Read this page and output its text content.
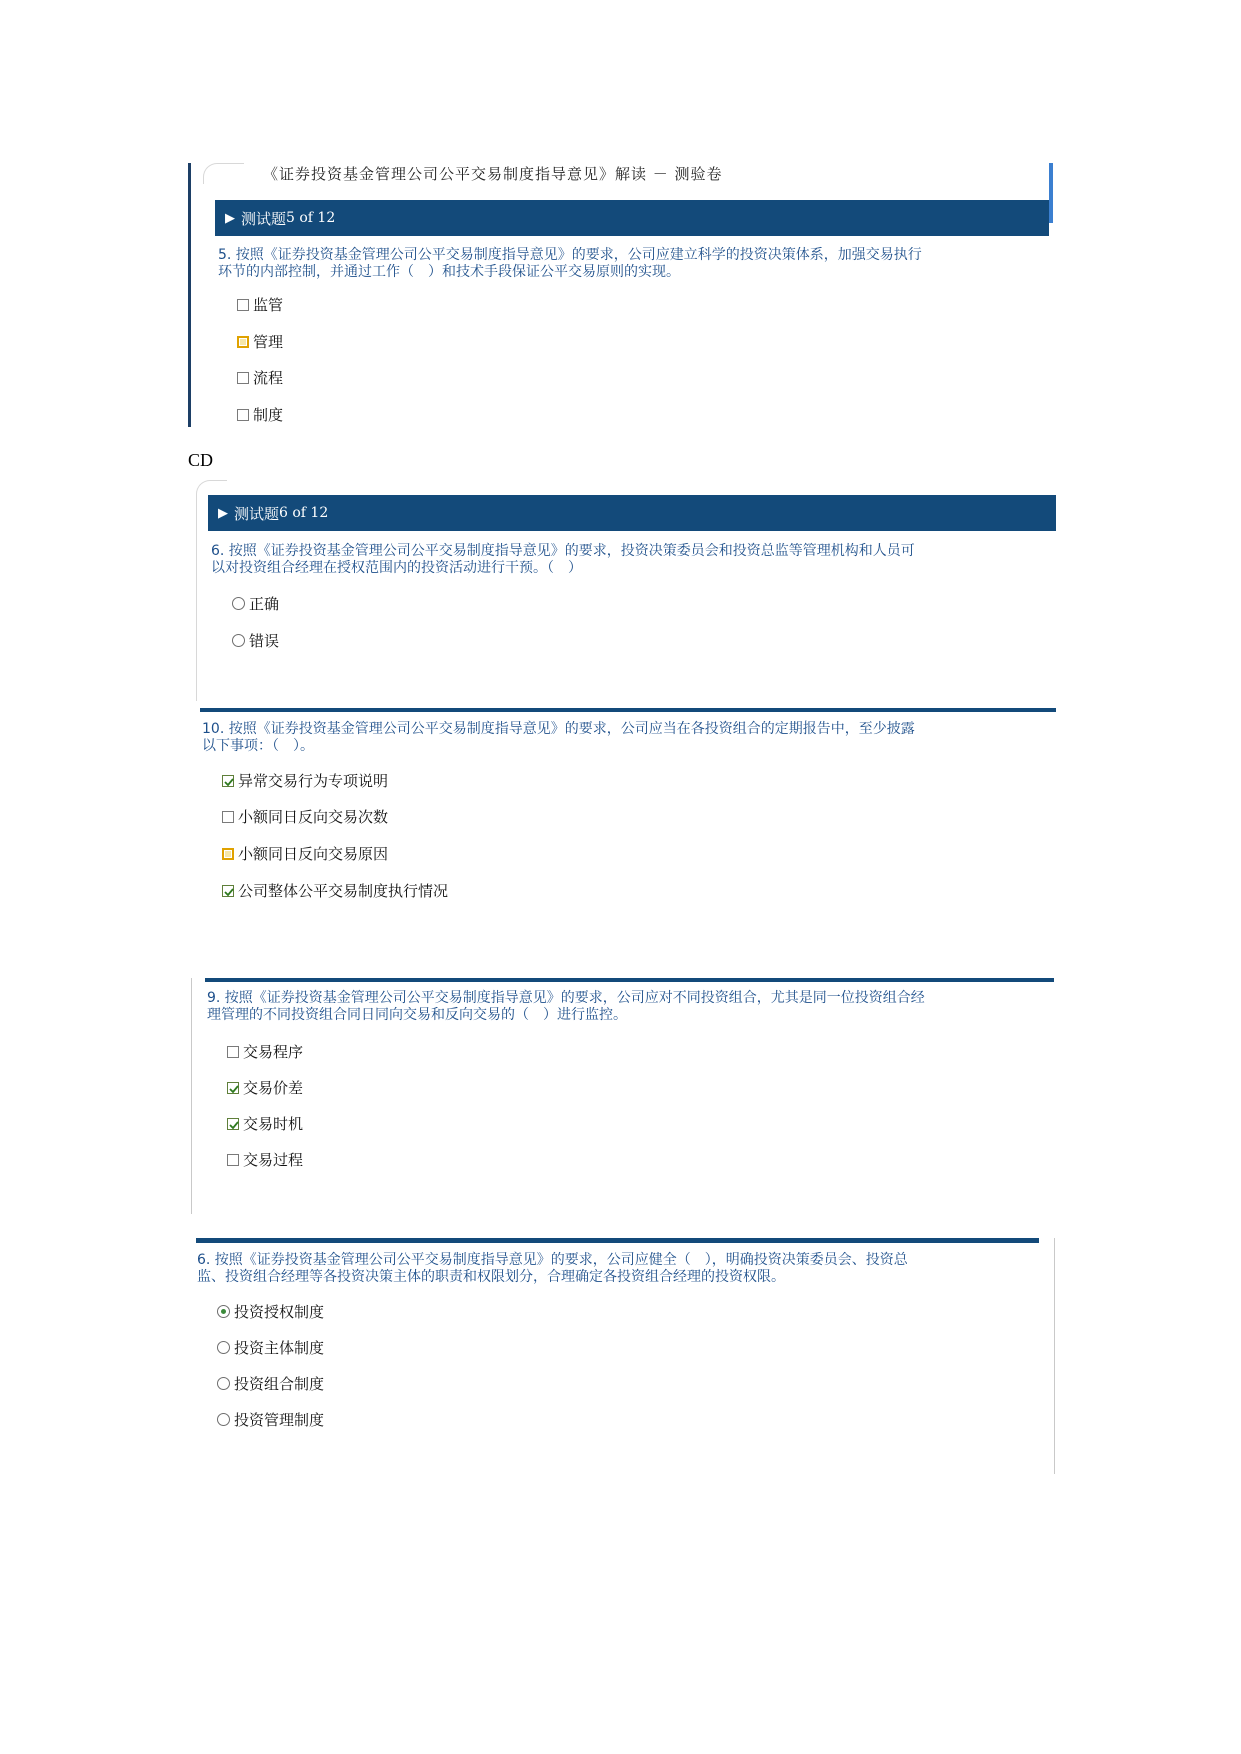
《证券投资基金管理公司公平交易制度指导意见》解读 － 测验卷
▶ 测试题 5 of 12
5. 按照《证券投资基金管理公司公平交易制度指导意见》的要求，公司应建立科学的投资决策体系，加强交易执行
环节的内部控制，并通过工作（　）和技术手段保证公平交易原则的实现。
监管
管理
流程
制度
CD
▶ 测试题 6 of 12
6. 按照《证券投资基金管理公司公平交易制度指导意见》的要求，投资决策委员会和投资总监等管理机构和人员可
以对投资组合经理在授权范围内的投资活动进行干预。（　）
正确
错误
10. 按照《证券投资基金管理公司公平交易制度指导意见》的要求，公司应当在各投资组合的定期报告中，至少披露
以下事项：（　）。
异常交易行为专项说明
小额同日反向交易次数
小额同日反向交易原因
公司整体公平交易制度执行情况
9. 按照《证券投资基金管理公司公平交易制度指导意见》的要求，公司应对不同投资组合，尤其是同一位投资组合经
理管理的不同投资组合同日同向交易和反向交易的（　）进行监控。
交易程序
交易价差
交易时机
交易过程
6. 按照《证券投资基金管理公司公平交易制度指导意见》的要求，公司应健全（　），明确投资决策委员会、投资总
监、投资组合经理等各投资决策主体的职责和权限划分，合理确定各投资组合经理的投资权限。
投资授权制度
投资主体制度
投资组合制度
投资管理制度
